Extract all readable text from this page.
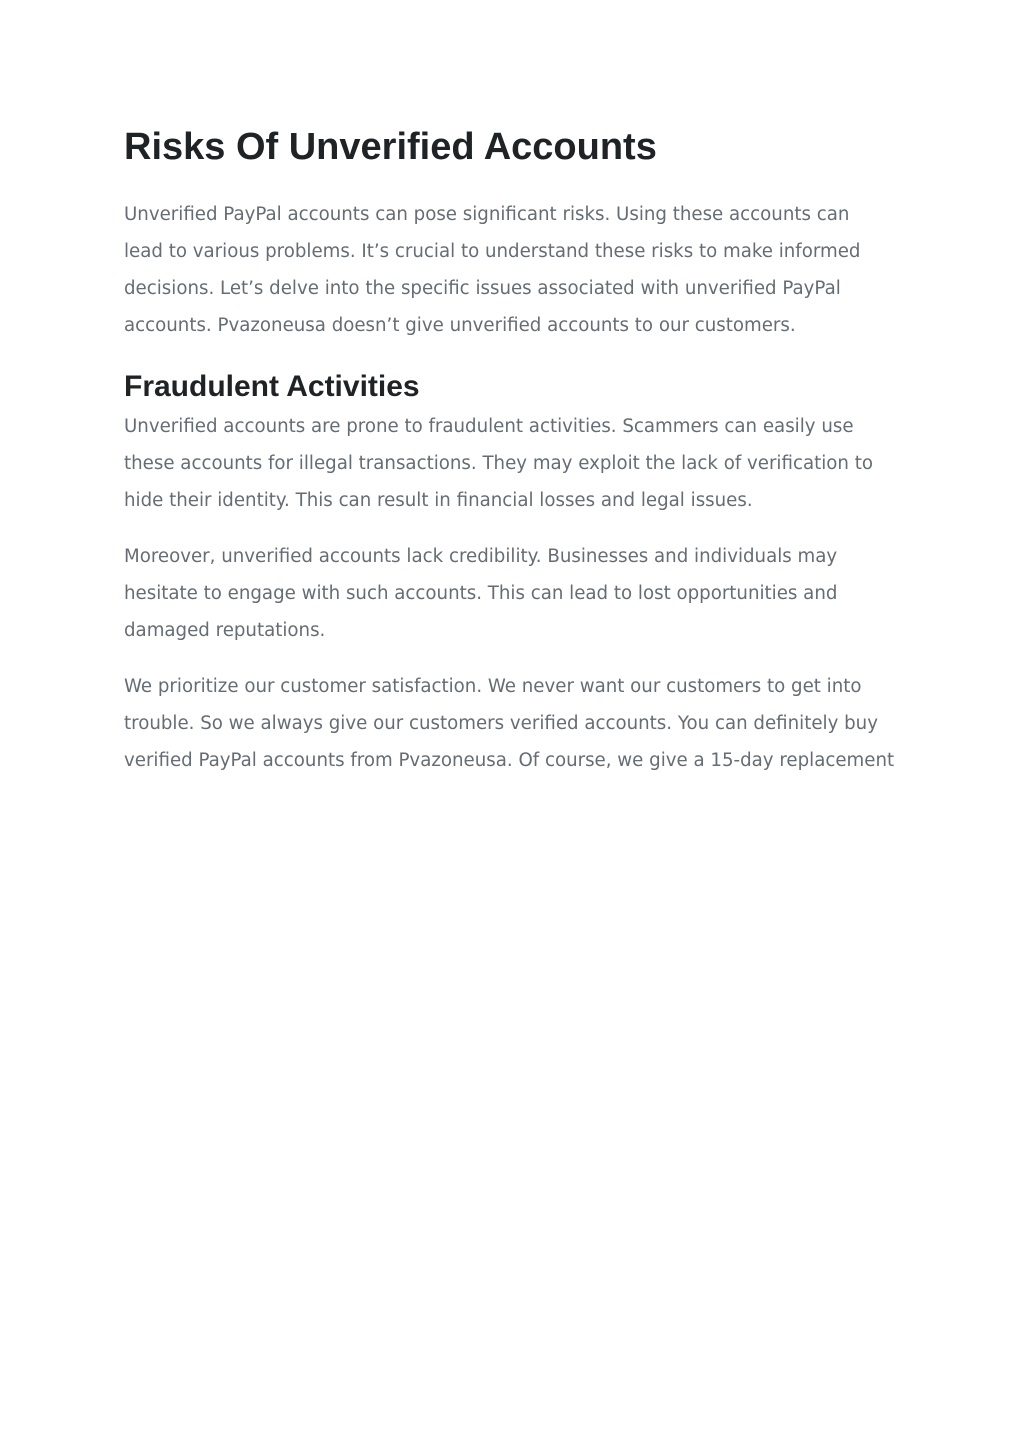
Risks Of Unverified Accounts
Unverified PayPal accounts can pose significant risks. Using these accounts can
lead to various problems. It’s crucial to understand these risks to make informed
decisions. Let’s delve into the specific issues associated with unverified PayPal
accounts. Pvazoneusa doesn’t give unverified accounts to our customers.
Fraudulent Activities
Unverified accounts are prone to fraudulent activities. Scammers can easily use
these accounts for illegal transactions. They may exploit the lack of verification to
hide their identity. This can result in financial losses and legal issues.
Moreover, unverified accounts lack credibility. Businesses and individuals may
hesitate to engage with such accounts. This can lead to lost opportunities and
damaged reputations.
We prioritize our customer satisfaction. We never want our customers to get into
trouble. So we always give our customers verified accounts. You can definitely buy
verified PayPal accounts from Pvazoneusa. Of course, we give a 15-day replacement
